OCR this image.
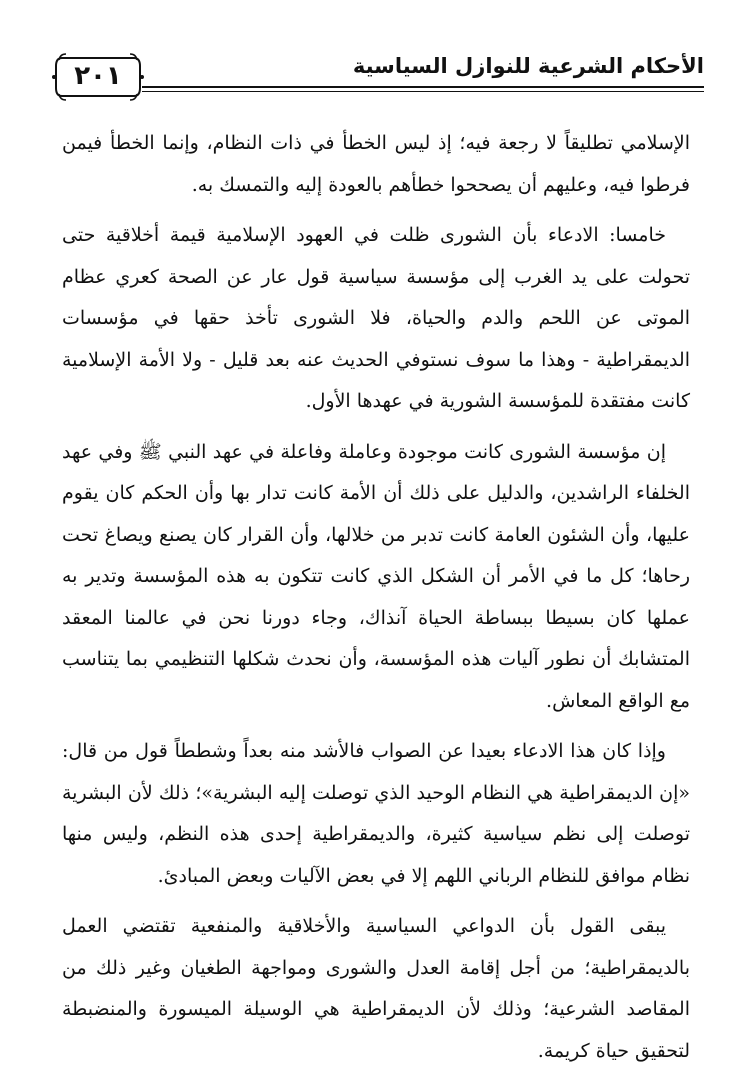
٢٠١	الأحكام الشرعية للنوازل السياسية

الإسلامي تطليقاً لا رجعة فيه؛ إذ ليس الخطأ في ذات النظام، وإنما الخطأ فيمن فرطوا فيه، وعليهم أن يصححوا خطأهم بالعودة إليه والتمسك به.

خامسا: الادعاء بأن الشورى ظلت في العهود الإسلامية قيمة أخلاقية حتى تحولت على يد الغرب إلى مؤسسة سياسية قول عار عن الصحة كعري عظام الموتى عن اللحم والدم والحياة، فلا الشورى تأخذ حقها في مؤسسات الديمقراطية - وهذا ما سوف نستوفي الحديث عنه بعد قليل - ولا الأمة الإسلامية كانت مفتقدة للمؤسسة الشورية في عهدها الأول.

إن مؤسسة الشورى كانت موجودة وعاملة وفاعلة في عهد النبي ﷺ وفي عهد الخلفاء الراشدين، والدليل على ذلك أن الأمة كانت تدار بها وأن الحكم كان يقوم عليها، وأن الشئون العامة كانت تدبر من خلالها، وأن القرار كان يصنع ويصاغ تحت رحاها؛ كل ما في الأمر أن الشكل الذي كانت تتكون به هذه المؤسسة وتدير به عملها كان بسيطا ببساطة الحياة آنذاك، وجاء دورنا نحن في عالمنا المعقد المتشابك أن نطور آليات هذه المؤسسة، وأن نحدث شكلها التنظيمي بما يتناسب مع الواقع المعاش.

وإذا كان هذا الادعاء بعيدا عن الصواب فالأشد منه بعداً وشططاً قول من قال: «إن الديمقراطية هي النظام الوحيد الذي توصلت إليه البشرية»؛ ذلك لأن البشرية توصلت إلى نظم سياسية كثيرة، والديمقراطية إحدى هذه النظم، وليس منها نظام موافق للنظام الرباني اللهم إلا في بعض الآليات وبعض المبادئ.

يبقى القول بأن الدواعي السياسية والأخلاقية والمنفعية تقتضي العمل بالديمقراطية؛ من أجل إقامة العدل والشورى ومواجهة الطغيان وغير ذلك من المقاصد الشرعية؛ وذلك لأن الديمقراطية هي الوسيلة الميسورة والمنضبطة لتحقيق حياة كريمة.
